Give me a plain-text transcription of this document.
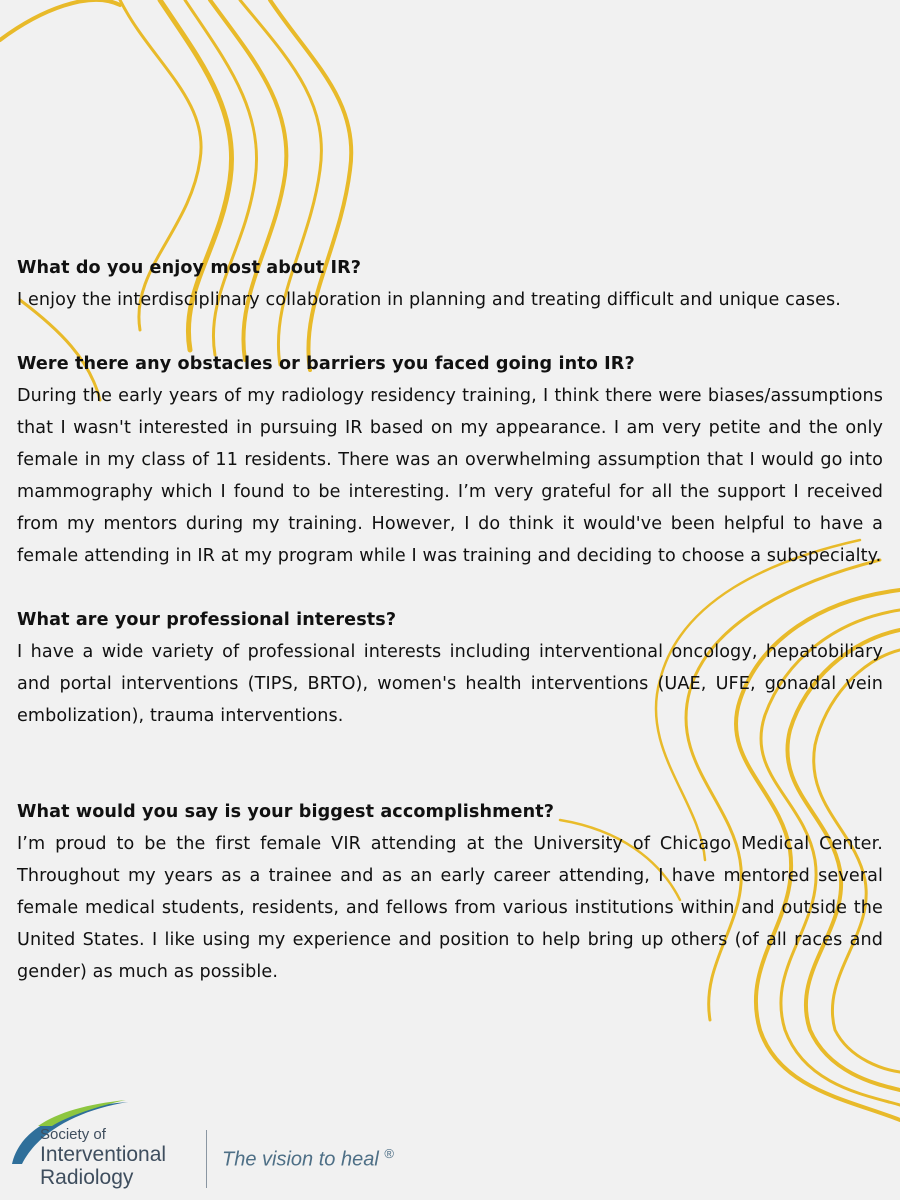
What do you enjoy most about IR?
I enjoy the interdisciplinary collaboration in planning and treating difficult and unique cases.
Were there any obstacles or barriers you faced going into IR?
During the early years of my radiology residency training, I think there were biases/assumptions that I wasn't interested in pursuing IR based on my appearance. I am very petite and the only female in my class of 11 residents. There was an overwhelming assumption that I would go into mammography which I found to be interesting. I’m very grateful for all the support I received from my mentors during my training. However, I do think it would've been helpful to have a female attending in IR at my program while I was training and deciding to choose a subspecialty.
What are your professional interests?
I have a wide variety of professional interests including interventional oncology, hepatobiliary and portal interventions (TIPS, BRTO), women's health interventions (UAE, UFE, gonadal vein embolization), trauma interventions.
What would you say is your biggest accomplishment?
I’m proud to be the first female VIR attending at the University of Chicago Medical Center. Throughout my years as a trainee and as an early career attending, I have mentored several female medical students, residents, and fellows from various institutions within and outside the United States. I like using my experience and position to help bring up others (of all races and gender) as much as possible.
Society of
Interventional
Radiology
The vision to heal ®
